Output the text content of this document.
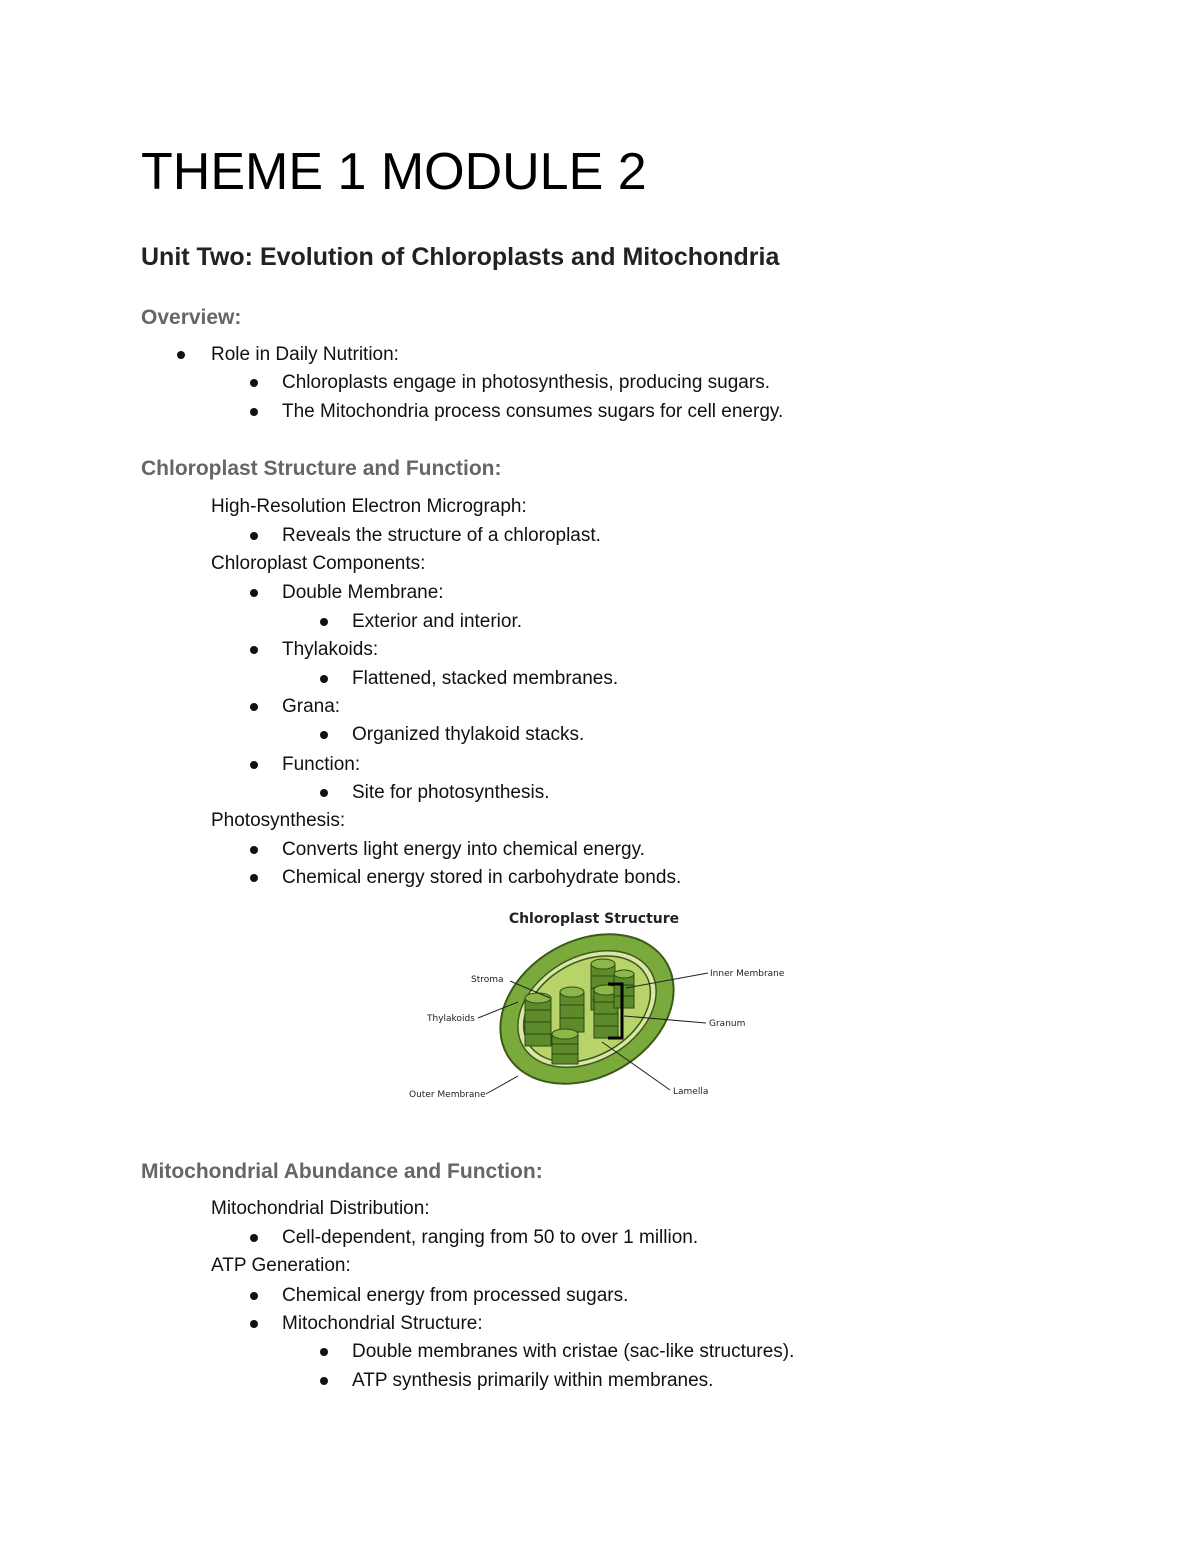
THEME 1 MODULE 2
Unit Two: Evolution of Chloroplasts and Mitochondria
Overview:
Role in Daily Nutrition:
Chloroplasts engage in photosynthesis, producing sugars.
The Mitochondria process consumes sugars for cell energy.
Chloroplast Structure and Function:
High-Resolution Electron Micrograph:
Reveals the structure of a chloroplast.
Chloroplast Components:
Double Membrane:
Exterior and interior.
Thylakoids:
Flattened, stacked membranes.
Grana:
Organized thylakoid stacks.
Function:
Site for photosynthesis.
Photosynthesis:
Converts light energy into chemical energy.
Chemical energy stored in carbohydrate bonds.
Chloroplast Structure
Stroma
Thylakoids
Outer Membrane
Inner Membrane
Granum
Lamella
Mitochondrial Abundance and Function:
Mitochondrial Distribution:
Cell-dependent, ranging from 50 to over 1 million.
ATP Generation:
Chemical energy from processed sugars.
Mitochondrial Structure:
Double membranes with cristae (sac-like structures).
ATP synthesis primarily within membranes.
